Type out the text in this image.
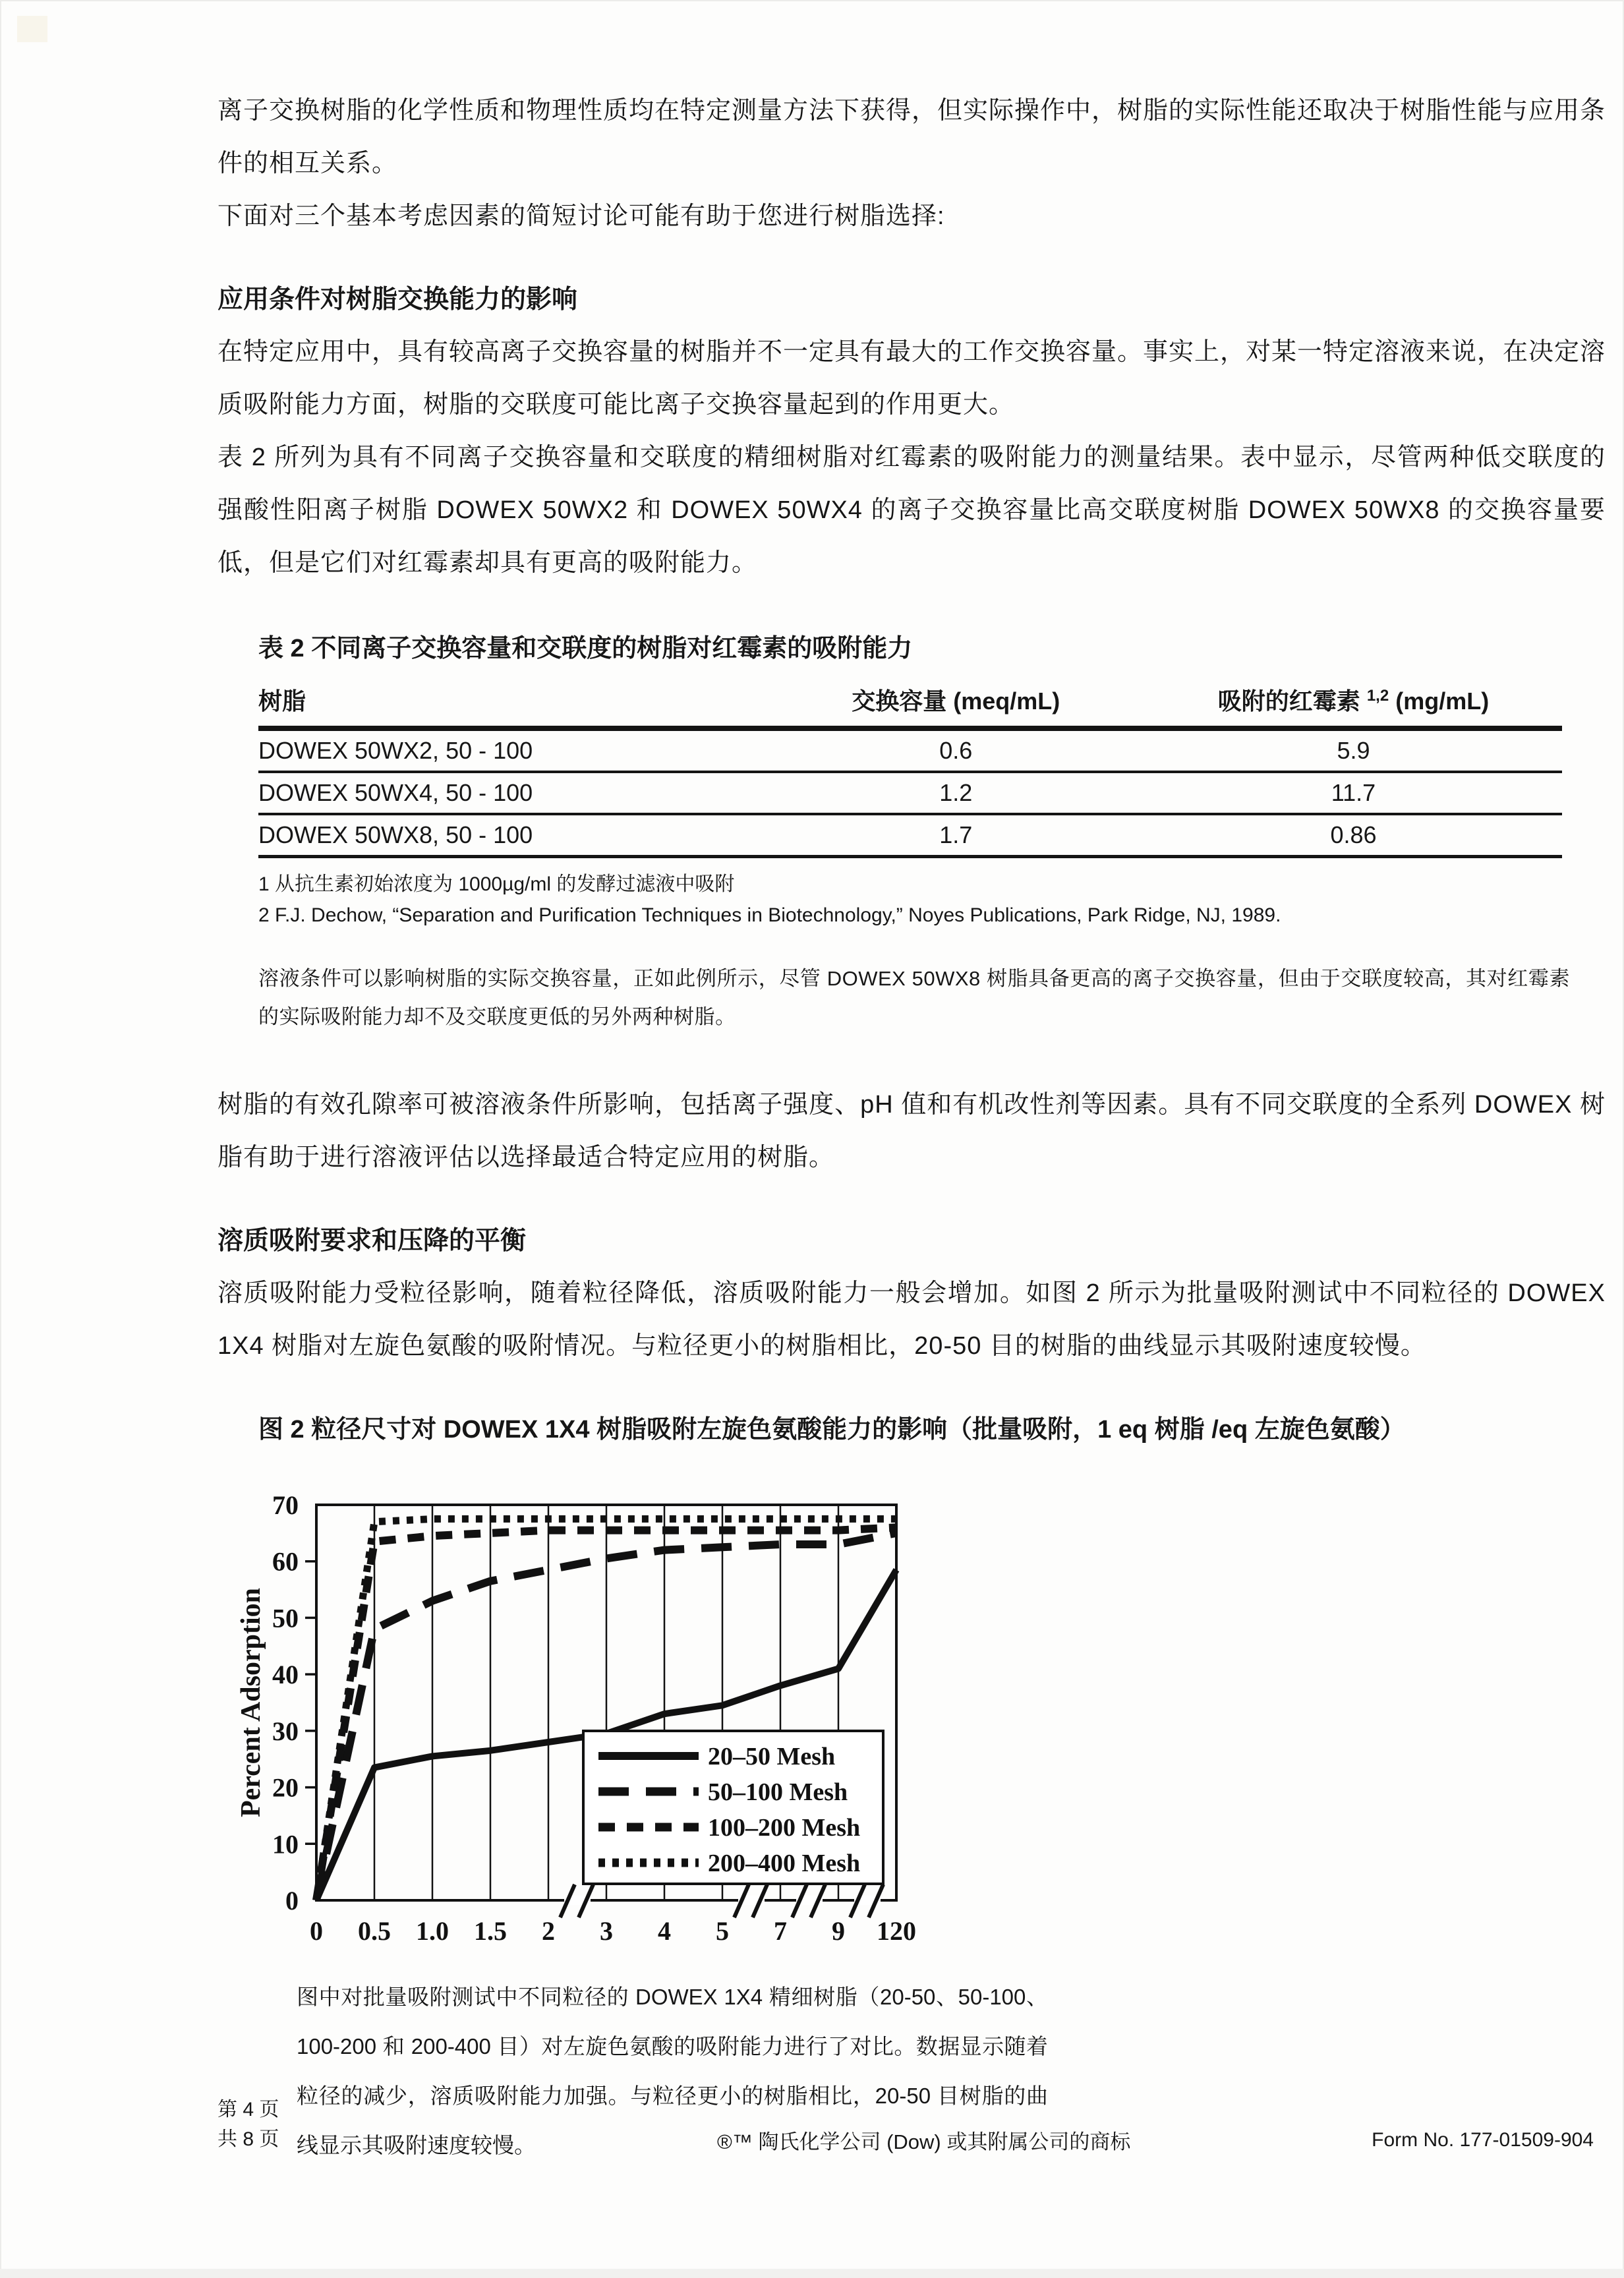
离子交换树脂的化学性质和物理性质均在特定测量方法下获得，但实际操作中，树脂的实际性能还取决于树脂性能与应用条件的相互关系。

下面对三个基本考虑因素的简短讨论可能有助于您进行树脂选择:

应用条件对树脂交换能力的影响

在特定应用中，具有较高离子交换容量的树脂并不一定具有最大的工作交换容量。事实上，对某一特定溶液来说，在决定溶质吸附能力方面，树脂的交联度可能比离子交换容量起到的作用更大。

表 2 所列为具有不同离子交换容量和交联度的精细树脂对红霉素的吸附能力的测量结果。表中显示，尽管两种低交联度的强酸性阳离子树脂 DOWEX 50WX2 和 DOWEX 50WX4 的离子交换容量比高交联度树脂 DOWEX 50WX8 的交换容量要低，但是它们对红霉素却具有更高的吸附能力。

表 2 不同离子交换容量和交联度的树脂对红霉素的吸附能力
树脂	交换容量 (meq/mL)	吸附的红霉素 $^{1,2}$ (mg/mL)
DOWEX 50WX2, 50 - 100	0.6	5.9
DOWEX 50WX4, 50 - 100	1.2	11.7
DOWEX 50WX8, 50 - 100	1.7	0.86
1 从抗生素初始浓度为 1000µg/ml 的发酵过滤液中吸附
2 F.J. Dechow, “Separation and Purification Techniques in Biotechnology,” Noyes Publications, Park Ridge, NJ, 1989.
溶液条件可以影响树脂的实际交换容量，正如此例所示，尽管 DOWEX 50WX8 树脂具备更高的离子交换容量，但由于交联度较高，其对红霉素的实际吸附能力却不及交联度更低的另外两种树脂。

树脂的有效孔隙率可被溶液条件所影响，包括离子强度、pH 值和有机改性剂等因素。具有不同交联度的全系列 DOWEX 树脂有助于进行溶液评估以选择最适合特定应用的树脂。

溶质吸附要求和压降的平衡

溶质吸附能力受粒径影响，随着粒径降低，溶质吸附能力一般会增加。如图 2 所示为批量吸附测试中不同粒径的 DOWEX 1X4 树脂对左旋色氨酸的吸附情况。与粒径更小的树脂相比，20-50 目的树脂的曲线显示其吸附速度较慢。

图 2 粒径尺寸对 DOWEX 1X4 树脂吸附左旋色氨酸能力的影响（批量吸附，1 eq 树脂 /eq 左旋色氨酸）
0
10
20
30
40
50
60
70
Percent Adsorption
0 0.5 1.0 1.5 2 3 4 5 7 9 120
20–50 Mesh
50–100 Mesh
100–200 Mesh
200–400 Mesh

图中对批量吸附测试中不同粒径的 DOWEX 1X4 精细树脂（20-50、50-100、100-200 和 200-400 目）对左旋色氨酸的吸附能力进行了对比。数据显示随着粒径的减少，溶质吸附能力加强。与粒径更小的树脂相比，20-50 目树脂的曲线显示其吸附速度较慢。

第 4 页
共 8 页	®™ 陶氏化学公司 (Dow) 或其附属公司的商标	Form No. 177-01509-904
